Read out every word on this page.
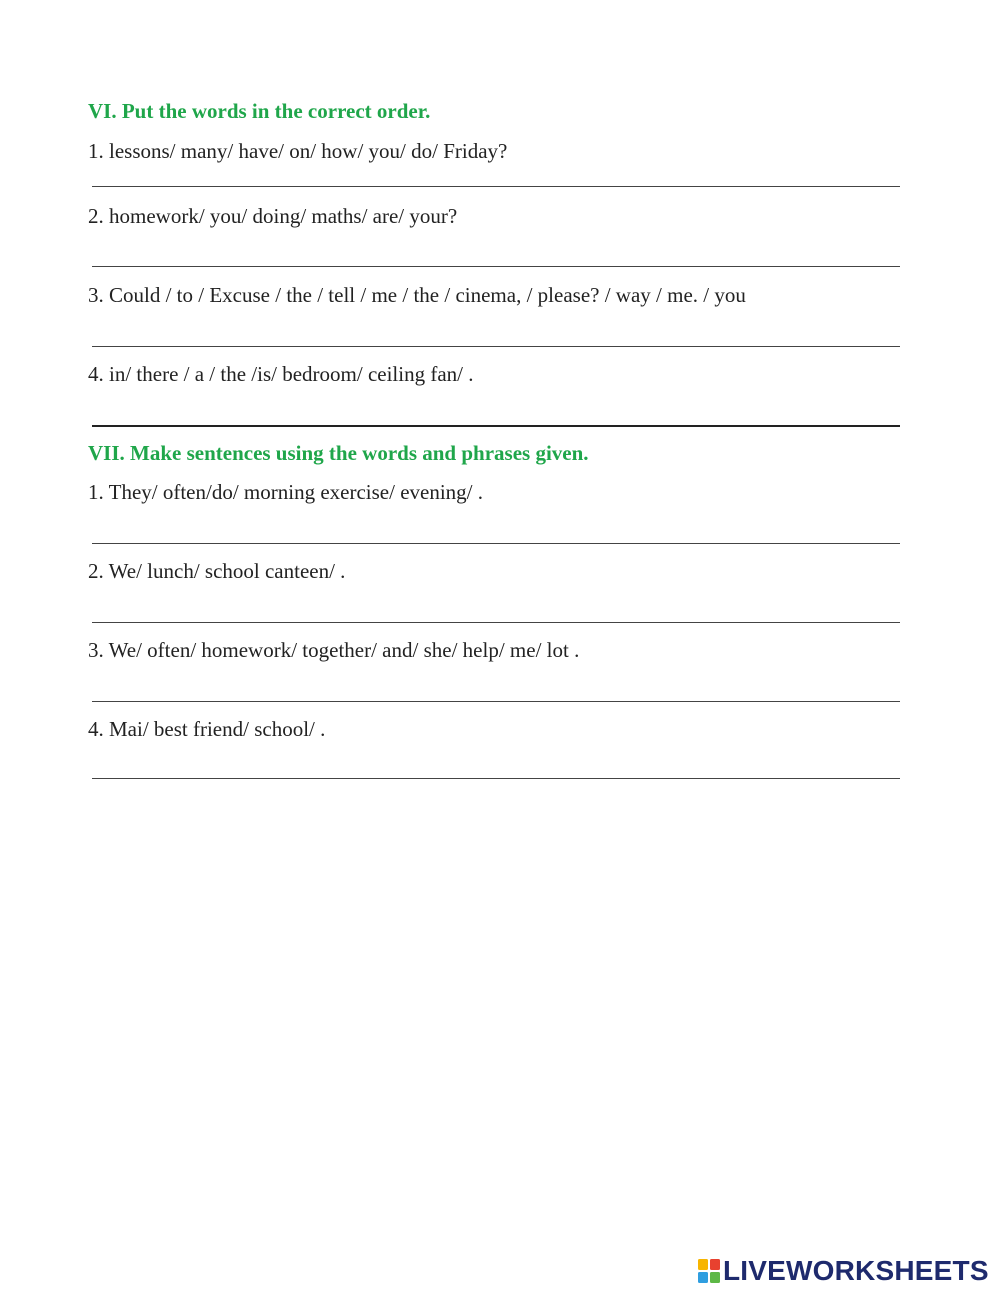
VI. Put the words in the correct order.
1. lessons/ many/ have/ on/ how/ you/ do/ Friday?
2. homework/ you/ doing/ maths/ are/ your?
3. Could / to / Excuse / the / tell / me / the / cinema, / please? / way / me. / you
4. in/ there / a / the /is/ bedroom/ ceiling fan/ .
VII. Make sentences using the words and phrases given.
1. They/ often/do/ morning exercise/ evening/ .
2. We/ lunch/ school canteen/ .
3. We/ often/ homework/ together/ and/ she/ help/ me/ lot .
4. Mai/ best friend/ school/ .
LIVEWORKSHEETS
